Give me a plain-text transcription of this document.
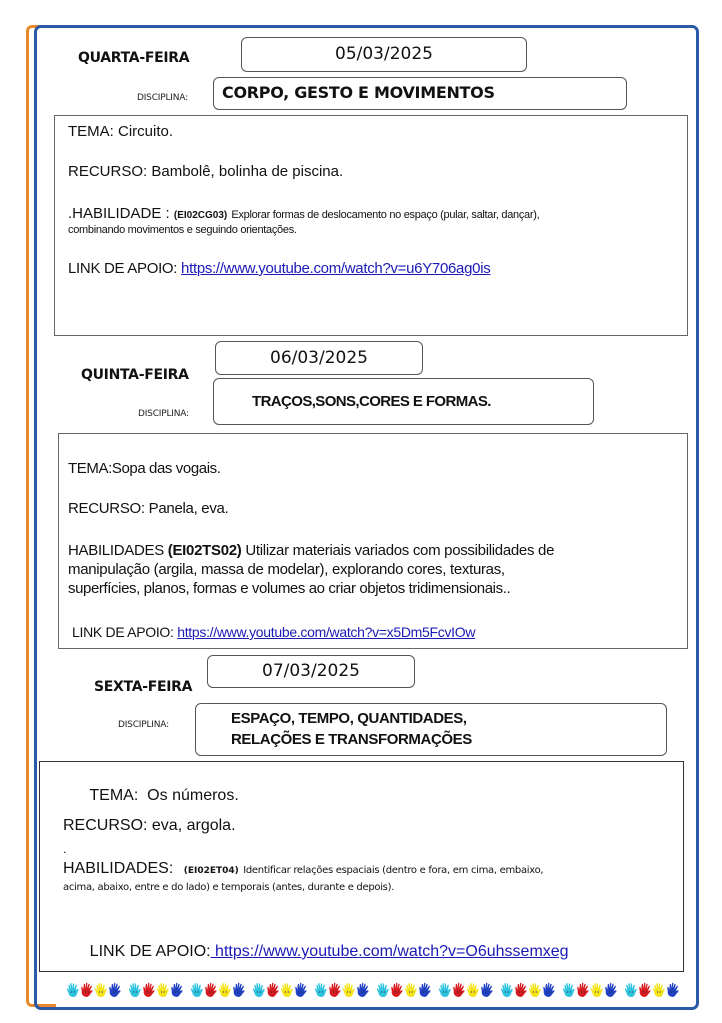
QUARTA-FEIRA	05/03/2025
DISCIPLINA: CORPO, GESTO E MOVIMENTOS
TEMA: Circuito.
RECURSO: Bambolê, bolinha de piscina.
.HABILIDADE : (EI02CG03) Explorar formas de deslocamento no espaço (pular, saltar, dançar),
combinando movimentos e seguindo orientações.
LINK DE APOIO: https://www.youtube.com/watch?v=u6Y706ag0is
06/03/2025
QUINTA-FEIRA
DISCIPLINA:
TRAÇOS,SONS,CORES E FORMAS.
TEMA:Sopa das vogais.
RECURSO: Panela, eva.
HABILIDADES (EI02TS02) Utilizar materiais variados com possibilidades de
manipulação (argila, massa de modelar), explorando cores, texturas,
superfícies, planos, formas e volumes ao criar objetos tridimensionais..
LINK DE APOIO: https://www.youtube.com/watch?v=x5Dm5FcvIOw
07/03/2025
SEXTA-FEIRA
DISCIPLINA:	ESPAÇO, TEMPO, QUANTIDADES,
RELAÇÕES E TRANSFORMAÇÕES

TEMA:  Os números.

RECURSO: eva, argola.
.
HABILIDADES: (EI02ET04) Identificar relações espaciais (dentro e fora, em cima, embaixo,
acima, abaixo, entre e do lado) e temporais (antes, durante e depois).

LINK DE APOIO: https://www.youtube.com/watch?v=O6uhssemxeg
